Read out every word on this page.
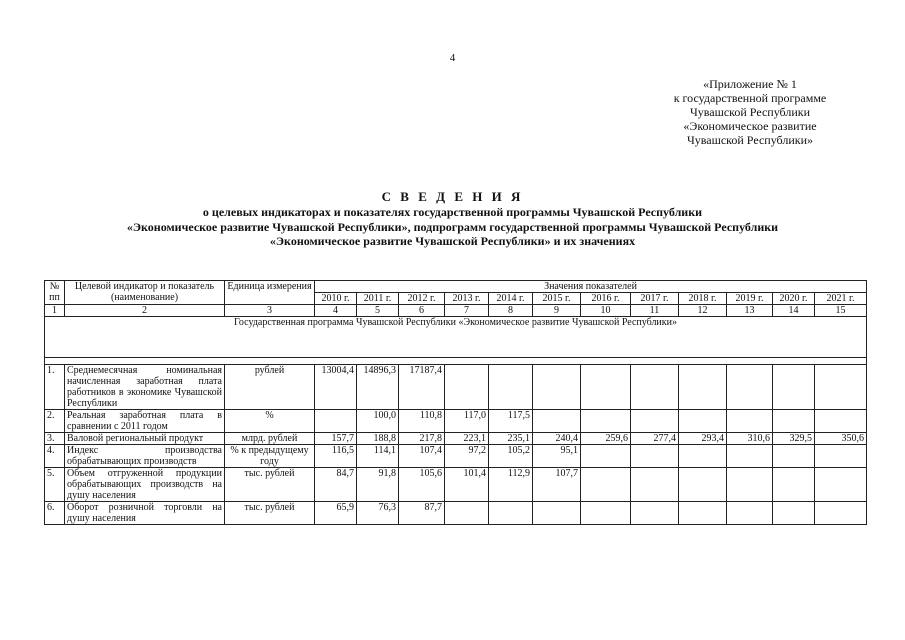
4
«Приложение № 1
к государственной программе
Чувашской Республики
«Экономическое развитие
Чувашской Республики»
С В Е Д Е Н И Я
о целевых индикаторах и показателях государственной программы Чувашской Республики
«Экономическое развитие Чувашской Республики», подпрограмм государственной программы Чувашской Республики
«Экономическое развитие Чувашской Республики» и их значениях
№ пп	Целевой индикатор и показатель (наименование)	Единица измерения	Значения показателей											
			2010 г.	2011 г.	2012 г.	2013 г.	2014 г.	2015 г.	2016 г.	2017 г.	2018 г.	2019 г.	2020 г.	2021 г.
1	2	3	4	5	6	7	8	9	10	11	12	13	14	15
Государственная программа Чувашской Республики «Экономическое развитие Чувашской Республики»														

1.	Среднемесячная номинальная начисленная заработная плата работников в экономике Чувашской Республики	рублей	13004,4	14896,3	17187,4									
2.	Реальная заработная плата в сравнении с 2011 годом	%		100,0	110,8	117,0	117,5							
3.	Валовой региональный продукт	млрд. рублей	157,7	188,8	217,8	223,1	235,1	240,4	259,6	277,4	293,4	310,6	329,5	350,6
4.	Индекс производства обрабатывающих производств	% к предыдущему году	116,5	114,1	107,4	97,2	105,2	95,1						
5.	Объем отгруженной продукции обрабатывающих производств на душу населения	тыс. рублей	84,7	91,8	105,6	101,4	112,9	107,7						
6.	Оборот розничной торговли на душу населения	тыс. рублей	65,9	76,3	87,7									
